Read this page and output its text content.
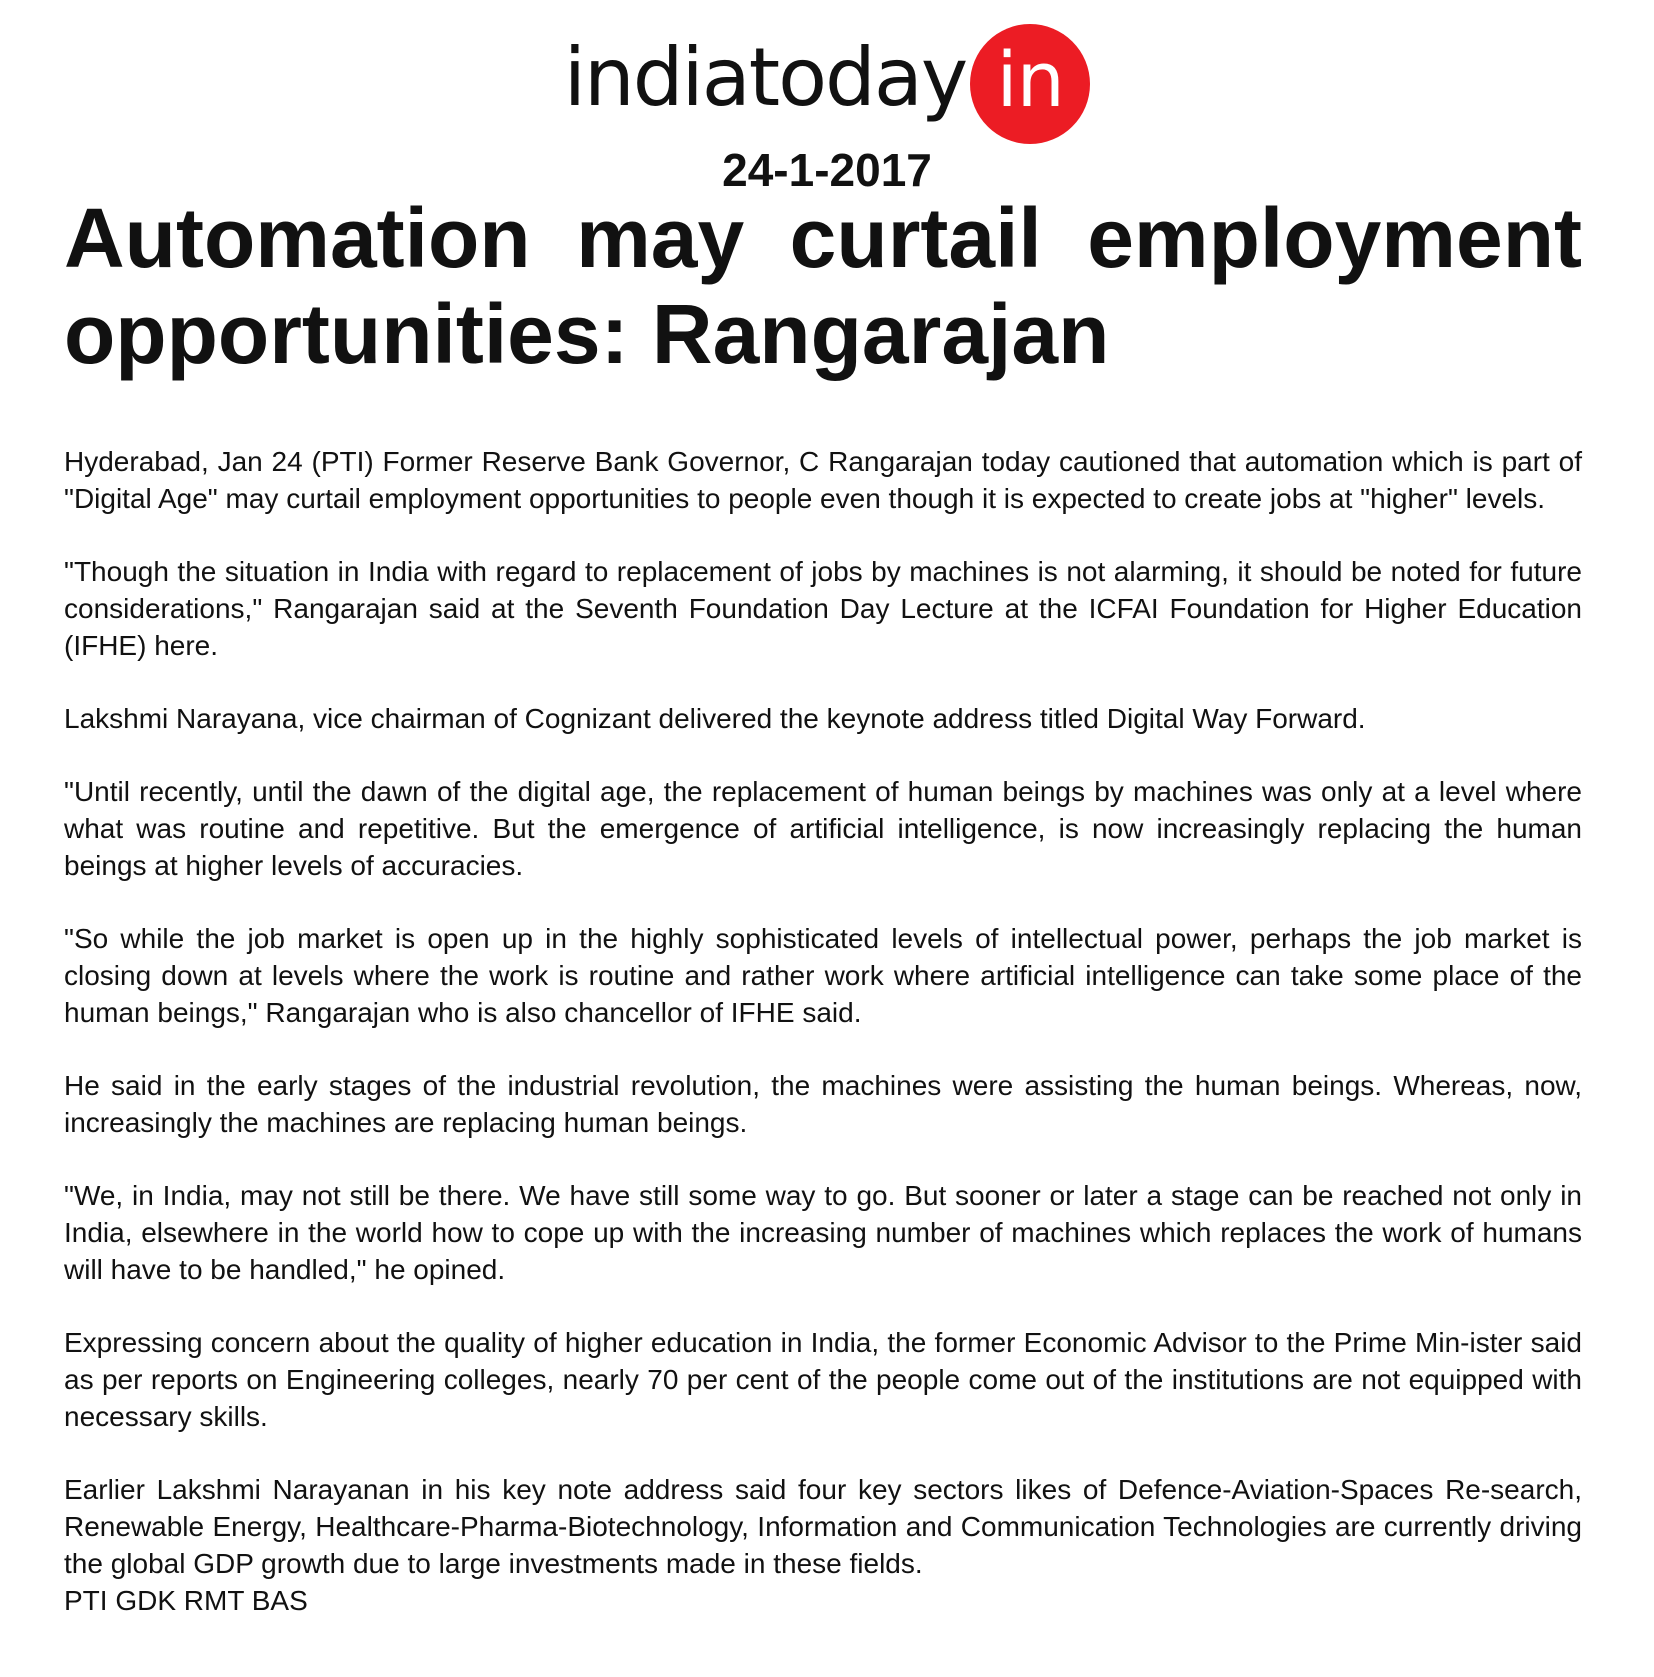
indiatoday in
24-1-2017
Automation may curtail employment opportunities: Rangarajan

Hyderabad, Jan 24 (PTI) Former Reserve Bank Governor, C Rangarajan today cautioned that automation which is part of "Digital Age" may curtail employment opportunities to people even though it is expected to create jobs at "higher" levels.

"Though the situation in India with regard to replacement of jobs by machines is not alarming, it should be noted for future considerations," Rangarajan said at the Seventh Foundation Day Lecture at the ICFAI Foundation for Higher Education (IFHE) here.

Lakshmi Narayana, vice chairman of Cognizant delivered the keynote address titled Digital Way Forward.

"Until recently, until the dawn of the digital age, the replacement of human beings by machines was only at a level where what was routine and repetitive. But the emergence of artificial intelligence, is now increasingly replacing the human beings at higher levels of accuracies.

"So while the job market is open up in the highly sophisticated levels of intellectual power, perhaps the job market is closing down at levels where the work is routine and rather work where artificial intelligence can take some place of the human beings," Rangarajan who is also chancellor of IFHE said.

He said in the early stages of the industrial revolution, the machines were assisting the human beings. Whereas, now, increasingly the machines are replacing human beings.

"We, in India, may not still be there. We have still some way to go. But sooner or later a stage can be reached not only in India, elsewhere in the world how to cope up with the increasing number of machines which replaces the work of humans will have to be handled," he opined.

Expressing concern about the quality of higher education in India, the former Economic Advisor to the Prime Min-ister said as per reports on Engineering colleges, nearly 70 per cent of the people come out of the institutions are not equipped with necessary skills.

Earlier Lakshmi Narayanan in his key note address said four key sectors likes of Defence-Aviation-Spaces Re-search, Renewable Energy, Healthcare-Pharma-Biotechnology, Information and Communication Technologies are currently driving the global GDP growth due to large investments made in these fields.

PTI GDK RMT BAS
